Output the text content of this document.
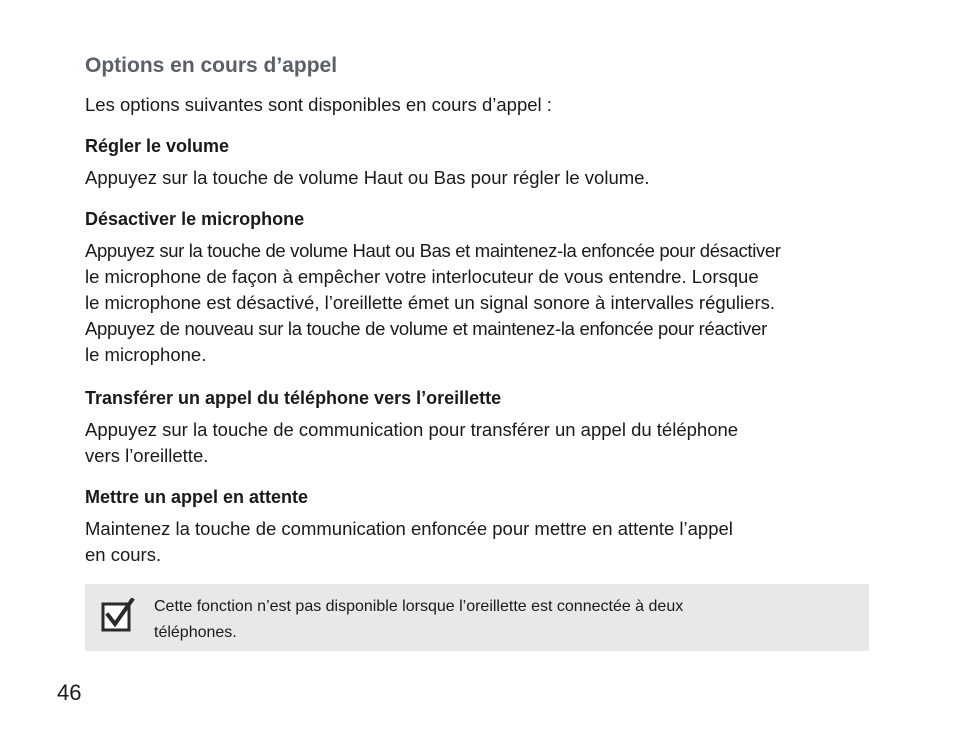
Options en cours d’appel
Les options suivantes sont disponibles en cours d’appel :
Régler le volume
Appuyez sur la touche de volume Haut ou Bas pour régler le volume.
Désactiver le microphone
Appuyez sur la touche de volume Haut ou Bas et maintenez-la enfoncée pour désactiver
le microphone de façon à empêcher votre interlocuteur de vous entendre. Lorsque
le microphone est désactivé, l’oreillette émet un signal sonore à intervalles réguliers.
Appuyez de nouveau sur la touche de volume et maintenez-la enfoncée pour réactiver
le microphone.
Transférer un appel du téléphone vers l’oreillette
Appuyez sur la touche de communication pour transférer un appel du téléphone
vers l’oreillette.
Mettre un appel en attente
Maintenez la touche de communication enfoncée pour mettre en attente l’appel
en cours.
Cette fonction n’est pas disponible lorsque l’oreillette est connectée à deux
téléphones.
46
